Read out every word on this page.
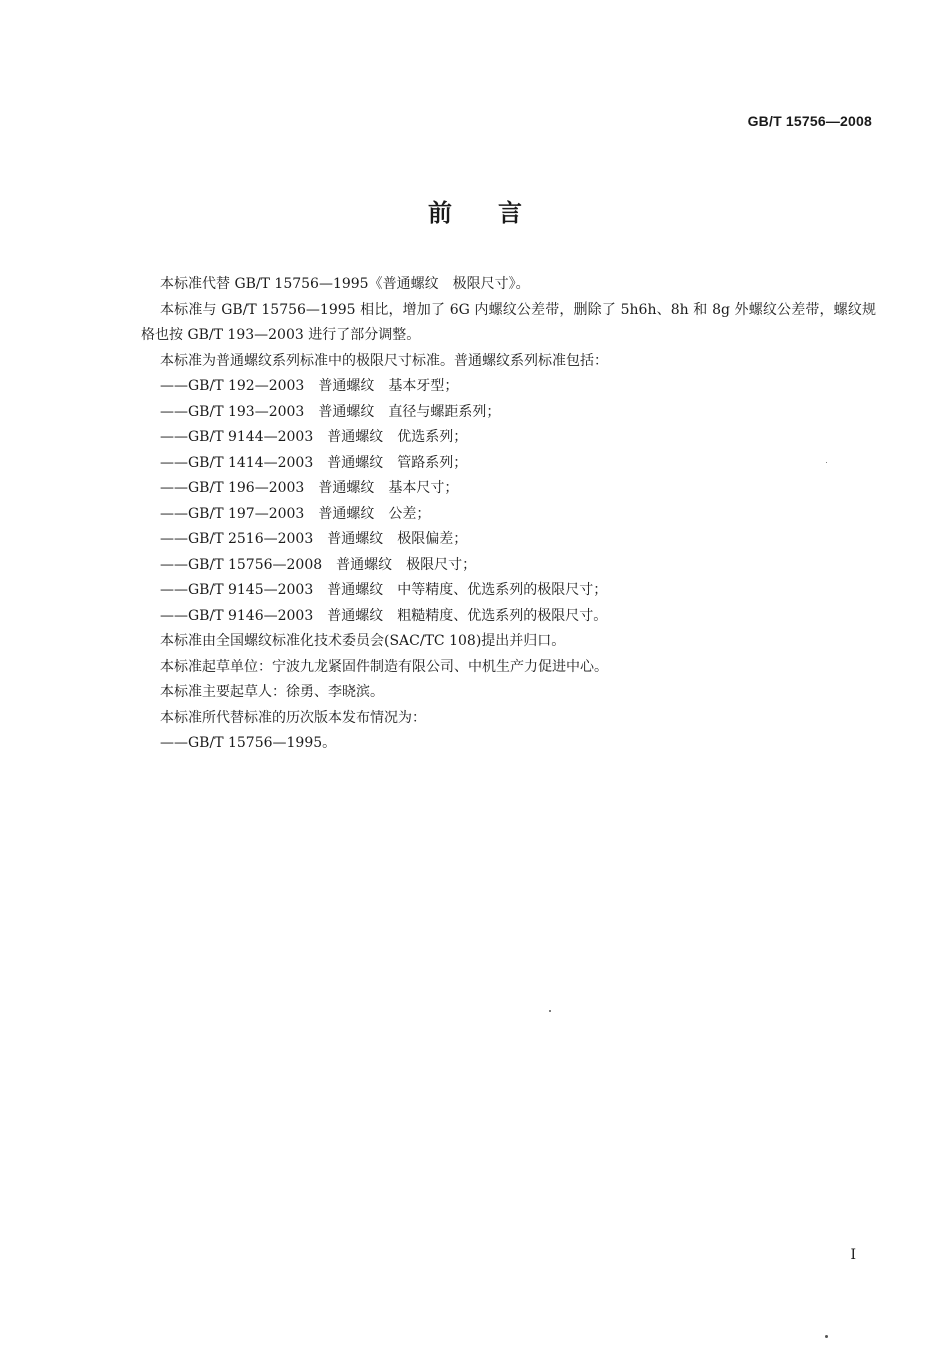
GB/T 15756—2008
前言

本标准代替 GB/T 15756—1995《普通螺纹　极限尺寸》。

本标准与 GB/T 15756—1995 相比，增加了 6G 内螺纹公差带，删除了 5h6h、8h 和 8g 外螺纹公差带，螺纹规格也按 GB/T 193—2003 进行了部分调整。

本标准为普通螺纹系列标准中的极限尺寸标准。普通螺纹系列标准包括：

——GB/T 192—2003　普通螺纹　基本牙型；

——GB/T 193—2003　普通螺纹　直径与螺距系列；

——GB/T 9144—2003　普通螺纹　优选系列；

——GB/T 1414—2003　普通螺纹　管路系列；

——GB/T 196—2003　普通螺纹　基本尺寸；

——GB/T 197—2003　普通螺纹　公差；

——GB/T 2516—2003　普通螺纹　极限偏差；

——GB/T 15756—2008　普通螺纹　极限尺寸；

——GB/T 9145—2003　普通螺纹　中等精度、优选系列的极限尺寸；

——GB/T 9146—2003　普通螺纹　粗糙精度、优选系列的极限尺寸。

本标准由全国螺纹标准化技术委员会(SAC/TC 108)提出并归口。

本标准起草单位：宁波九龙紧固件制造有限公司、中机生产力促进中心。

本标准主要起草人：徐勇、李晓滨。

本标准所代替标准的历次版本发布情况为：

——GB/T 15756—1995。

I
